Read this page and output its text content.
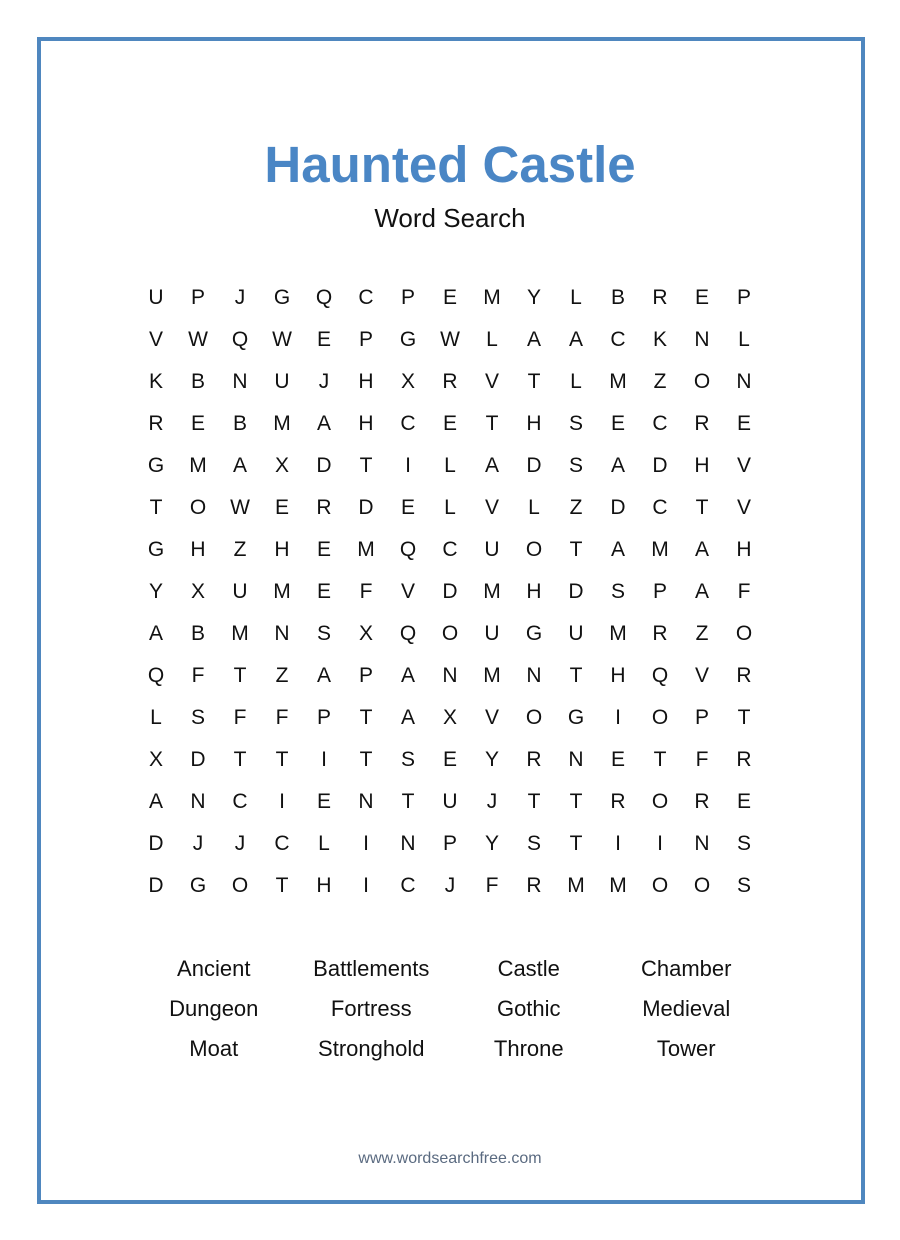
Haunted Castle
Word Search
U	P	J	G	Q	C	P	E	M	Y	L	B	R	E	P
V	W	Q	W	E	P	G	W	L	A	A	C	K	N	L
K	B	N	U	J	H	X	R	V	T	L	M	Z	O	N
R	E	B	M	A	H	C	E	T	H	S	E	C	R	E
G	M	A	X	D	T	I	L	A	D	S	A	D	H	V
T	O	W	E	R	D	E	L	V	L	Z	D	C	T	V
G	H	Z	H	E	M	Q	C	U	O	T	A	M	A	H
Y	X	U	M	E	F	V	D	M	H	D	S	P	A	F
A	B	M	N	S	X	Q	O	U	G	U	M	R	Z	O
Q	F	T	Z	A	P	A	N	M	N	T	H	Q	V	R
L	S	F	F	P	T	A	X	V	O	G	I	O	P	T
X	D	T	T	I	T	S	E	Y	R	N	E	T	F	R
A	N	C	I	E	N	T	U	J	T	T	R	O	R	E
D	J	J	C	L	I	N	P	Y	S	T	I	I	N	S
D	G	O	T	H	I	C	J	F	R	M	M	O	O	S
Ancient	Battlements	Castle	Chamber
Dungeon	Fortress	Gothic	Medieval
Moat	Stronghold	Throne	Tower
www.wordsearchfree.com
